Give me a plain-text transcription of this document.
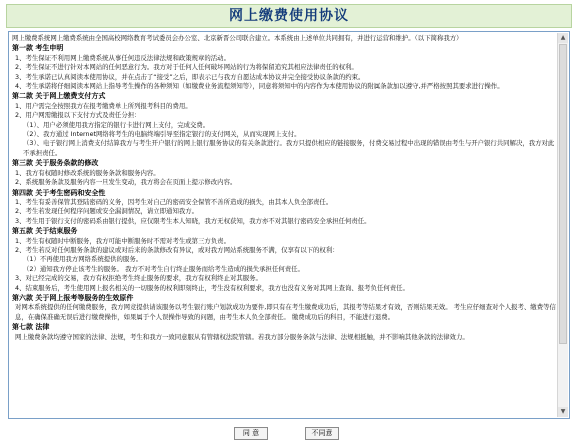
网上缴费使用协议

网上缴费系统网上缴费系统由全国高校网络教育考试委员会办公室、北京新晋公司联合建立。本系统由上述单位共同拥有，并进行运营和维护。（以下简称我方）

第一款 考生申明

1、考生保证不利用网上缴费系统从事任何违反法律法规和政策规章的活动。

2、考生保证不进行针对本网站的任何恶意行为。我方对于任何人任何破坏网站的行为将保留追究其相应法律责任的权利。

3、考生承诺已认真阅读本使用协议，并在点击了“接受”之后，即表示已与我方自愿达成本协议并完全接受协议条款的约束。

4、考生承诺将仔细阅读本网站上指导考生操作的各种须知（如缴费业务流程须知等），同意将须知中的内容作为本使用协议的附属条款加以遵守,并严格按照其要求进行操作。

第二款 关于网上缴费支付方式

1、用户需完全按照我方在报考缴费单上所列报考科目的费用。

2、用户网需缴报以下支付方式及责任分担：

（1）、用户必须使用我方指定的银行卡进行网上支付，完成交费。

（2）、我方通过 Internet网络将考生的电脑终端引导至指定银行的支付网关，从而实现网上支付。

（3）、电子银行网上消费支付结算我方与考生开户银行的网上银行服务协议的有关条款进行。我方只提供相应的链接服务，付费交易过程中出现的错误由考生与开户银行共同解决，我方对此不承担责任。

第三款 关于服务条款的修改

1、我方有权随时修改系统的服务条款和服务内容。

2、系统服务条款及服务内容一旦发生变动，我方将会在页面上提示修改内容。

第四款 关于考生密码和安全性

1、考生有妥善保管其登陆密码的义务，因考生对自己的密码安全保管不善所造成的损失，由其本人负全部责任。

2、考生若发现任何程序问题或安全漏洞情况，请立即通知我方。

3、考生用于银行支付的密码系由银行提供，应仅限考生本人知晓，我方无权获知，我方亦不对其银行密码安全承担任何责任。

第五款 关于结束服务

1、考生有权随时中断服务，我方可能中断服务时不需对考生或第三方负责。

2、考生若反对任何服务条款的建议或对后来的条款修改有异议，或对我方网站系统服务不满，仅享有以下的权利：

（1）不再使用我方网络系统提供的服务。

（2）通知我方停止该考生的服务。 我方不对考生自行终止服务而给考生造成的损失承担任何责任。

3、对已经完成的交易，我方有权拒绝考生终止服务的要求，我方有权利终止对其服务。

4、结束服务后，考生使用网上报名相关的一切服务的权利即刻终止，考生没有权利要求，我方也没有义务对其网上查询、报考负任何责任。

第六款 关于网上报考等服务的生效原件

对网本系统提供的任何缴费服务，我方网竞提供请该服务以考生银行账户划款成功为要件,即只有在考生缴费成功后，其报考等结果才有效，否则结果无效。 考生应仔细查对个人报考、缴费等信息，在确保准确无误后进行缴费操作，如果属于个人误操作导致的问题，由考生本人负全部责任。 缴费成功后的科目，不能进行退费。

第七款 法律

网上缴费条款均遵守国家的法律、法规，考生和我方一致同意服从有管辖权法院管辖。若我方部分服务条款与法律、法规相抵触，并不影响其他条款的法律效力。

▲
▼
同 意	不同意
